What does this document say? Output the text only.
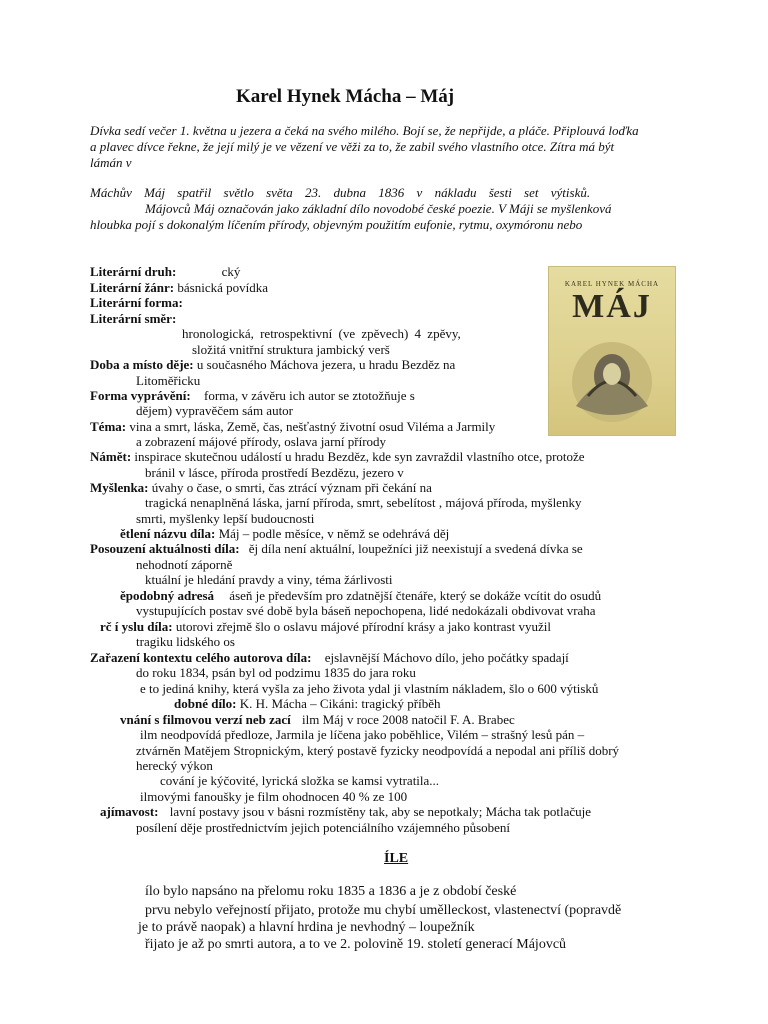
Karel Hynek Mácha – Máj
Dívka sedí večer 1. května u jezera a čeká na svého milého. Bojí se, že nepřijde, a pláče. Připlouvá loďka
a plavec dívce řekne, že její milý je ve vězení ve věži za to, že zabil svého vlastního otce. Zítra má být
lámán v
Máchův Máj spatřil světlo světa 23. dubna 1836 v nákladu šesti set výtisků.
Májovců Máj označován jako základní dílo novodobé české poezie. V Máji se myšlenková
hloubka pojí s dokonalým líčením přírody, objevným použitím eufonie, rytmu, oxymóronu nebo
KAREL HYNEK MÁCHA
MÁJ
Literární druh:	cký
Literární žánr: básnická povídka
Literární forma:
Literární směr:
hronologická, retrospektivní (ve zpěvech) 4 zpěvy,
složitá vnitřní struktura jambický verš
Doba a místo děje: u současného Máchova jezera, u hradu Bezděz na
Litoměřicku
Forma vyprávění: forma, v závěru ich autor se ztotožňuje s
dějem) vypravěčem sám autor
Téma: vina a smrt, láska, Země, čas, nešťastný životní osud Viléma a Jarmily
a zobrazení májové přírody, oslava jarní přírody
Námět: inspirace skutečnou událostí u hradu Bezděz, kde syn zavraždil vlastního otce, protože
bránil v lásce, příroda prostředí Bezdězu, jezero v
Myšlenka: úvahy o čase, o smrti, čas ztrácí význam při čekání na
tragická nenaplněná láska, jarní příroda, smrt, sebelítost , májová příroda, myšlenky
smrti, myšlenky lepší budoucnosti
ětlení názvu díla: Máj – podle měsíce, v němž se odehrává děj
Posouzení aktuálnosti díla: ěj díla není aktuální, loupežníci již neexistují a svedená dívka se
nehodnotí záporně
ktuální je hledání pravdy a viny, téma žárlivosti
ěpodobný adresá áseň je především pro zdatnější čtenáře, který se dokáže vcítit do osudů
vystupujících postav své době byla báseň nepochopena, lidé nedokázali obdivovat vraha
rč í yslu díla: utorovi zřejmě šlo o oslavu májové přírodní krásy a jako kontrast využil
tragiku lidského os
Zařazení kontextu celého autorova díla: ejslavnější Máchovo dílo, jeho počátky spadají
do roku 1834, psán byl od podzimu 1835 do jara roku
e to jediná knihy, která vyšla za jeho života ydal ji vlastním nákladem, šlo o 600 výtisků
dobné dílo: K. H. Mácha – Cikáni: tragický příběh
vnání s filmovou verzí neb zací ilm Máj v roce 2008 natočil F. A. Brabec
ilm neodpovídá předloze, Jarmila je líčena jako poběhlice, Vilém – strašný lesů pán –
ztvárněn Matějem Stropnickým, který postavě fyzicky neodpovídá a nepodal ani příliš dobrý
herecký výkon
cování je kýčovité, lyrická složka se kamsi vytratila...
ilmovými fanoušky je film ohodnocen 40 % ze 100
ajímavost: lavní postavy jsou v básni rozmístěny tak, aby se nepotkaly; Mácha tak potlačuje
posílení děje prostřednictvím jejich potenciálního vzájemného působení
ÍLE
ílo bylo napsáno na přelomu roku 1835 a 1836 a je z období české
prvu nebylo veřejností přijato, protože mu chybí umělleckost, vlastenectví (popravdě
je to právě naopak) a hlavní hrdina je nevhodný – loupežník
řijato je až po smrti autora, a to ve 2. polovině 19. století generací Májovců
